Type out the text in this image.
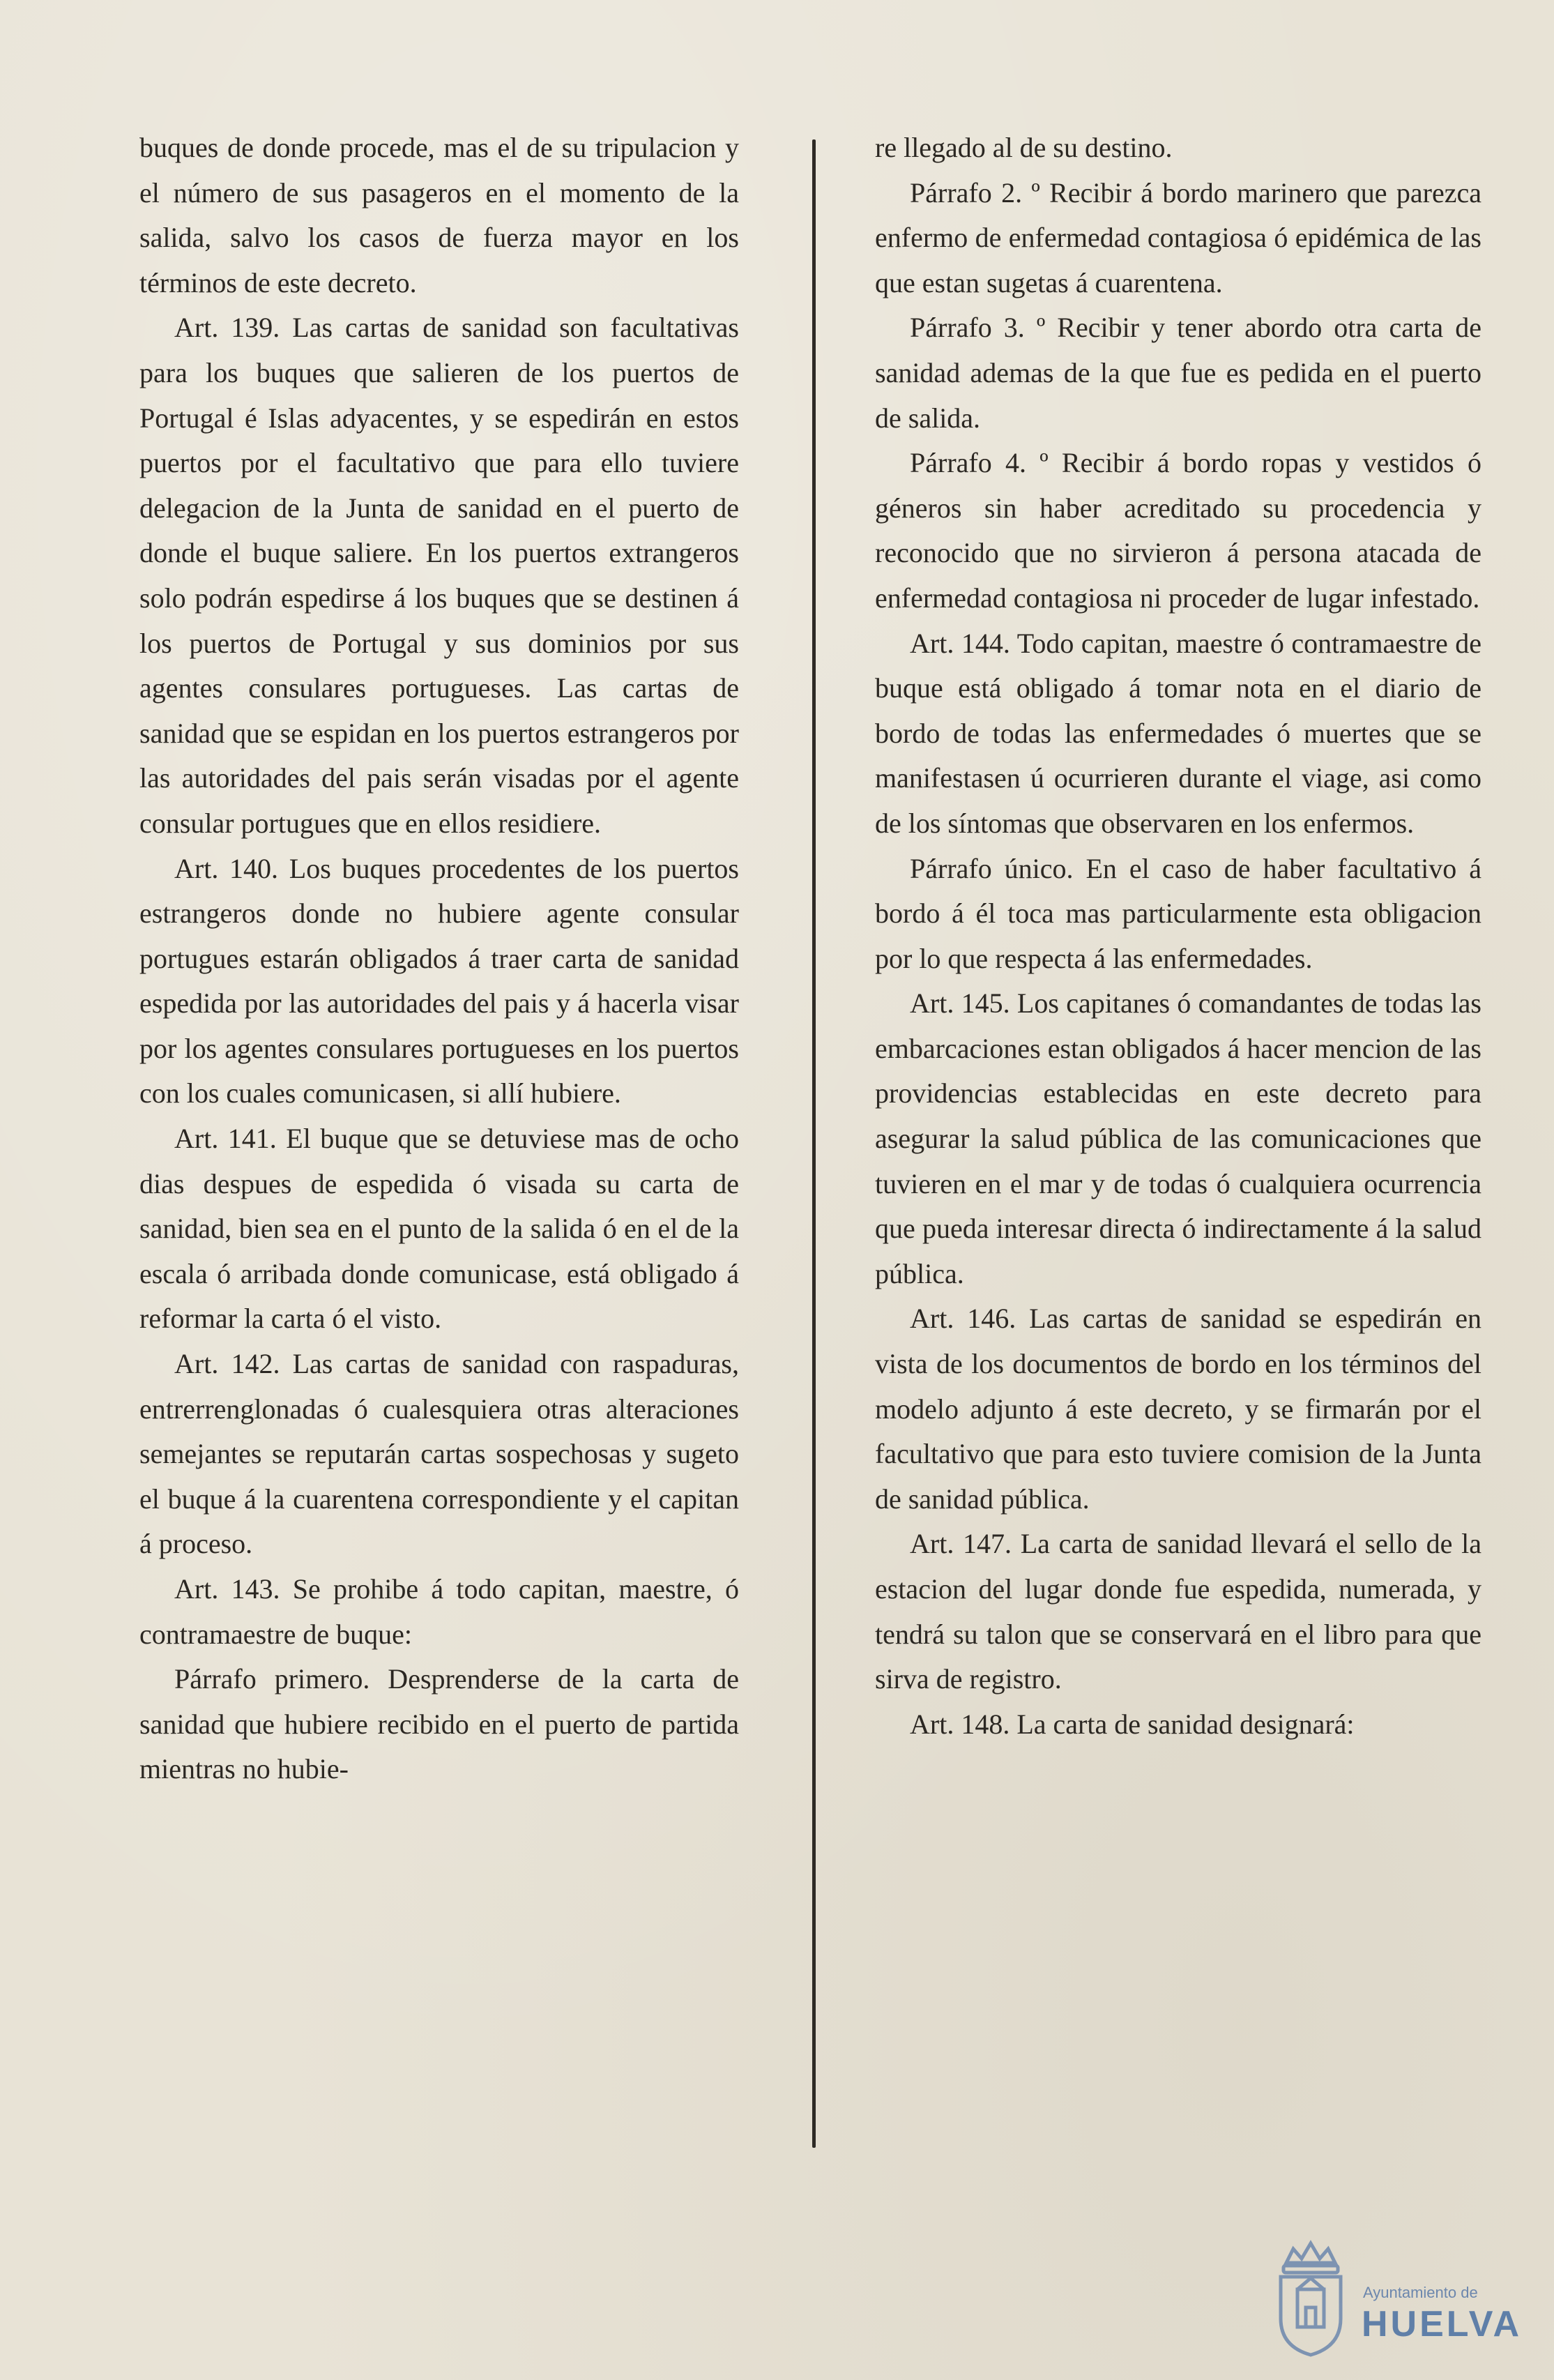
buques de donde procede, mas el de su tripulacion y el número de sus pasageros en el momento de la salida, salvo los casos de fuerza mayor en los términos de este decreto.

Art. 139. Las cartas de sanidad son facultativas para los buques que salieren de los puertos de Portugal é Islas adyacentes, y se espedirán en estos puertos por el facultativo que para ello tuviere delegacion de la Junta de sanidad en el puerto de donde el buque saliere. En los puertos extrangeros solo podrán espedirse á los buques que se destinen á los puertos de Portugal y sus dominios por sus agentes consulares portugueses. Las cartas de sanidad que se espidan en los puertos estrangeros por las autoridades del pais serán visadas por el agente consular portugues que en ellos residiere.

Art. 140. Los buques procedentes de los puertos estrangeros donde no hubiere agente consular portugues estarán obligados á traer carta de sanidad espedida por las autoridades del pais y á hacerla visar por los agentes consulares portugueses en los puertos con los cuales comunicasen, si allí hubiere.

Art. 141. El buque que se detuviese mas de ocho dias despues de espedida ó visada su carta de sanidad, bien sea en el punto de la salida ó en el de la escala ó arribada donde comunicase, está obligado á reformar la carta ó el visto.

Art. 142. Las cartas de sanidad con raspaduras, entrerrenglonadas ó cualesquiera otras alteraciones semejantes se reputarán cartas sospechosas y sugeto el buque á la cuarentena correspondiente y el capitan á proceso.

Art. 143. Se prohibe á todo capitan, maestre, ó contramaestre de buque:

Párrafo primero. Desprenderse de la carta de sanidad que hubiere recibido en el puerto de partida mientras no hubie-

re llegado al de su destino.

Párrafo 2. º Recibir á bordo marinero que parezca enfermo de enfermedad contagiosa ó epidémica de las que estan sugetas á cuarentena.

Párrafo 3. º Recibir y tener abordo otra carta de sanidad ademas de la que fue es pedida en el puerto de salida.

Párrafo 4. º Recibir á bordo ropas y vestidos ó géneros sin haber acreditado su procedencia y reconocido que no sirvieron á persona atacada de enfermedad contagiosa ni proceder de lugar infestado.

Art. 144. Todo capitan, maestre ó contramaestre de buque está obligado á tomar nota en el diario de bordo de todas las enfermedades ó muertes que se manifestasen ú ocurrieren durante el viage, asi como de los síntomas que observaren en los enfermos.

Párrafo único. En el caso de haber facultativo á bordo á él toca mas particularmente esta obligacion por lo que respecta á las enfermedades.

Art. 145. Los capitanes ó comandantes de todas las embarcaciones estan obligados á hacer mencion de las providencias establecidas en este decreto para asegurar la salud pública de las comunicaciones que tuvieren en el mar y de todas ó cualquiera ocurrencia que pueda interesar directa ó indirectamente á la salud pública.

Art. 146. Las cartas de sanidad se espedirán en vista de los documentos de bordo en los términos del modelo adjunto á este decreto, y se firmarán por el facultativo que para esto tuviere comision de la Junta de sanidad pública.

Art. 147. La carta de sanidad llevará el sello de la estacion del lugar donde fue espedida, numerada, y tendrá su talon que se conservará en el libro para que sirva de registro.

Art. 148. La carta de sanidad designará:

Ayuntamiento de
HUELVA
